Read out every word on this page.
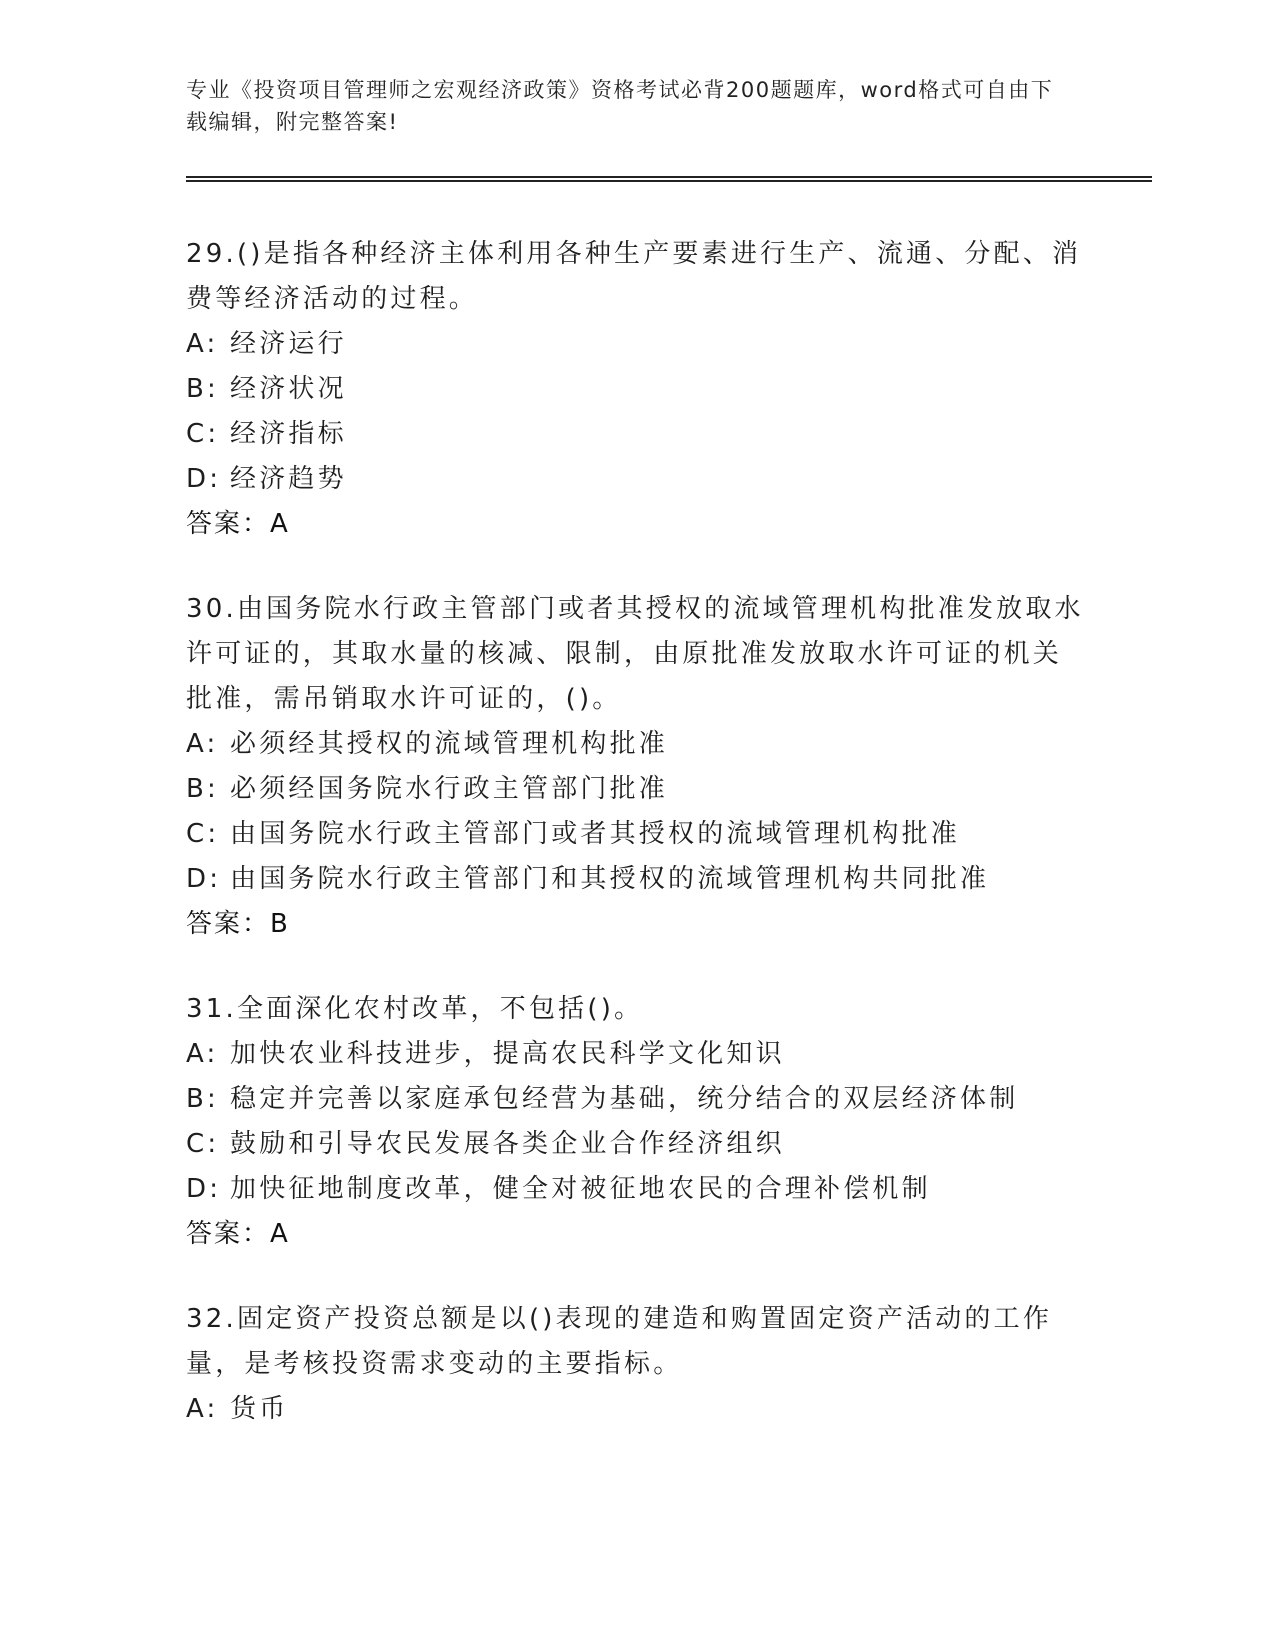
专业《投资项目管理师之宏观经济政策》资格考试必背200题题库，word格式可自由下载编辑，附完整答案!

29.()是指各种经济主体利用各种生产要素进行生产、流通、分配、消费等经济活动的过程。

A: 经济运行
B: 经济状况
C: 经济指标
D: 经济趋势
答案：A

30.由国务院水行政主管部门或者其授权的流域管理机构批准发放取水许可证的，其取水量的核减、限制，由原批准发放取水许可证的机关批准，需吊销取水许可证的，()。

A: 必须经其授权的流域管理机构批准
B: 必须经国务院水行政主管部门批准
C: 由国务院水行政主管部门或者其授权的流域管理机构批准
D: 由国务院水行政主管部门和其授权的流域管理机构共同批准
答案：B

31.全面深化农村改革，不包括()。

A: 加快农业科技进步，提高农民科学文化知识
B: 稳定并完善以家庭承包经营为基础，统分结合的双层经济体制
C: 鼓励和引导农民发展各类企业合作经济组织
D: 加快征地制度改革，健全对被征地农民的合理补偿机制
答案：A

32.固定资产投资总额是以()表现的建造和购置固定资产活动的工作量，是考核投资需求变动的主要指标。

A: 货币
